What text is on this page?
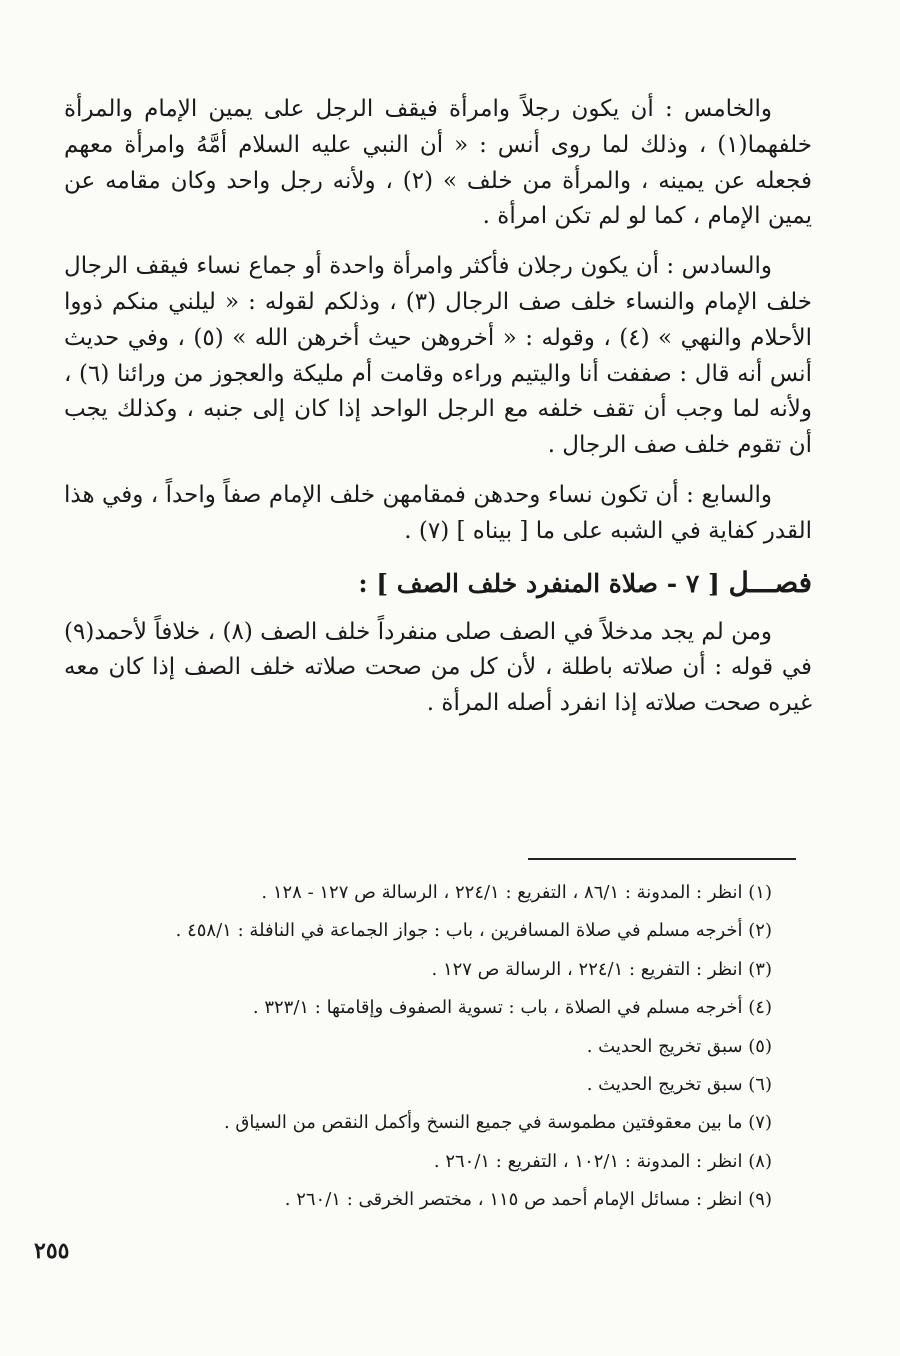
والخامس : أن يكون رجلاً وامرأة فيقف الرجل على يمين الإمام والمرأة خلفهما(١) ، وذلك لما روى أنس : « أن النبي عليه السلام أمَّهُ وامرأة معهم فجعله عن يمينه ، والمرأة من خلف » (٢) ، ولأنه رجل واحد وكان مقامه عن يمين الإمام ، كما لو لم تكن امرأة .

والسادس : أن يكون رجلان فأكثر وامرأة واحدة أو جماع نساء فيقف الرجال خلف الإمام والنساء خلف صف الرجال (٣) ، وذلكم لقوله : « ليلني منكم ذووا الأحلام والنهي » (٤) ، وقوله : « أخروهن حيث أخرهن الله » (٥) ، وفي حديث أنس أنه قال : صففت أنا واليتيم وراءه وقامت أم مليكة والعجوز من ورائنا (٦) ، ولأنه لما وجب أن تقف خلفه مع الرجل الواحد إذا كان إلى جنبه ، وكذلك يجب أن تقوم خلف صف الرجال .

والسابع : أن تكون نساء وحدهن فمقامهن خلف الإمام صفاً واحداً ، وفي هذا القدر كفاية في الشبه على ما [ بيناه ] (٧) .

فصـــل [ ٧ - صلاة المنفرد خلف الصف ] :

ومن لم يجد مدخلاً في الصف صلى منفرداً خلف الصف (٨) ، خلافاً لأحمد(٩) في قوله : أن صلاته باطلة ، لأن كل من صحت صلاته خلف الصف إذا كان معه غيره صحت صلاته إذا انفرد أصله المرأة .

(١) انظر : المدونة : ٨٦/١ ، التفريع : ٢٢٤/١ ، الرسالة ص ١٢٧ - ١٢٨ .
(٢) أخرجه مسلم في صلاة المسافرين ، باب : جواز الجماعة في النافلة : ٤٥٨/١ .
(٣) انظر : التفريع : ٢٢٤/١ ، الرسالة ص ١٢٧ .
(٤) أخرجه مسلم في الصلاة ، باب : تسوية الصفوف وإقامتها : ٣٢٣/١ .
(٥) سبق تخريج الحديث .
(٦) سبق تخريج الحديث .
(٧) ما بين معقوفتين مطموسة في جميع النسخ وأكمل النقص من السياق .
(٨) انظر : المدونة : ١٠٢/١ ، التفريع : ٢٦٠/١ .
(٩) انظر : مسائل الإمام أحمد ص ١١٥ ، مختصر الخرقى : ٢٦٠/١ .
٢٥٥
